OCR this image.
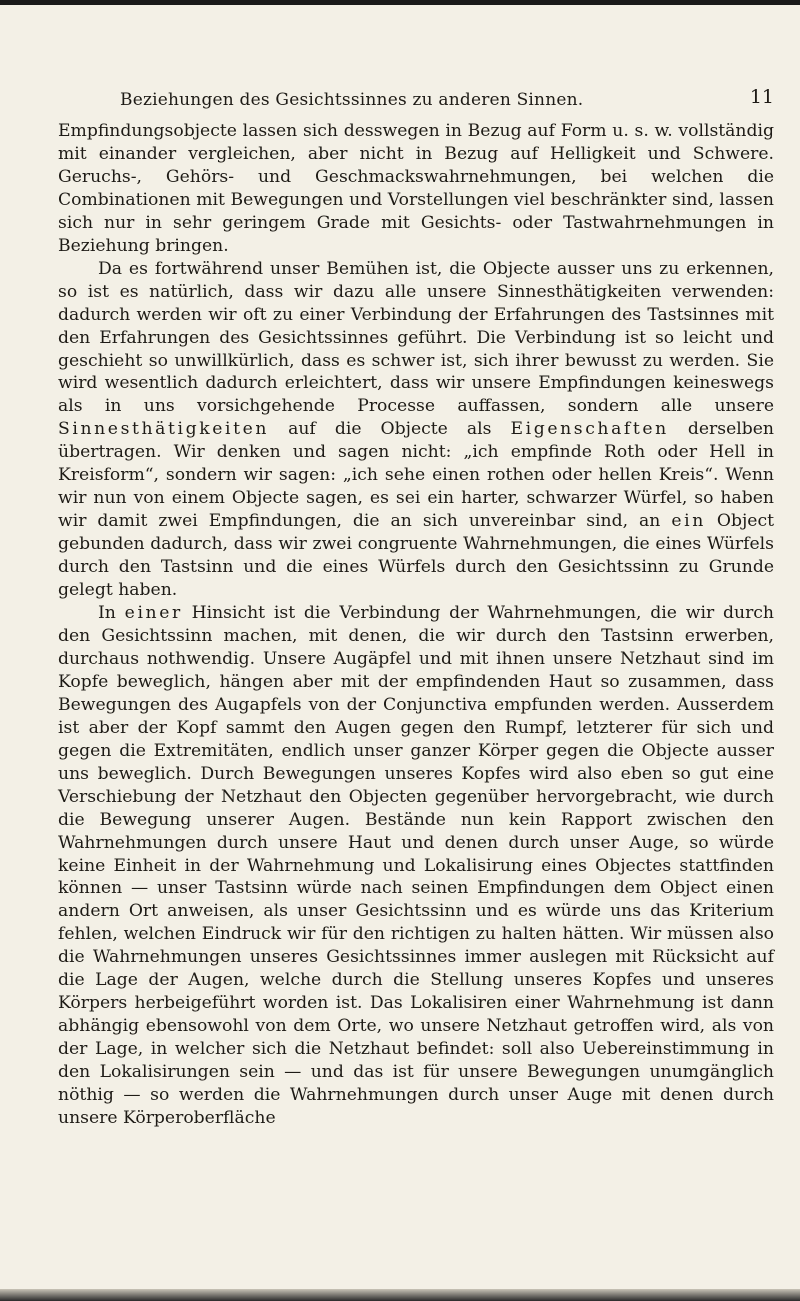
Beziehungen des Gesichtssinnes zu anderen Sinnen.	11

Empfindungsobjecte lassen sich desswegen in Bezug auf Form u. s. w. vollständig mit einander vergleichen, aber nicht in Bezug auf Helligkeit und Schwere. Geruchs-, Gehörs- und Geschmackswahrnehmungen, bei welchen die Combinationen mit Bewegungen und Vorstellungen viel beschränkter sind, lassen sich nur in sehr geringem Grade mit Gesichts- oder Tastwahrnehmungen in Beziehung bringen.

Da es fortwährend unser Bemühen ist, die Objecte ausser uns zu erkennen, so ist es natürlich, dass wir dazu alle unsere Sinnesthätigkeiten verwenden: dadurch werden wir oft zu einer Verbindung der Erfahrungen des Tastsinnes mit den Erfahrungen des Gesichtssinnes geführt. Die Verbindung ist so leicht und geschieht so unwillkürlich, dass es schwer ist, sich ihrer bewusst zu werden. Sie wird wesentlich dadurch erleichtert, dass wir unsere Empfindungen keineswegs als in uns vorsichgehende Processe auffassen, sondern alle unsere Sinnesthätigkeiten auf die Objecte als Eigenschaften derselben übertragen. Wir denken und sagen nicht: „ich empfinde Roth oder Hell in Kreisform“, sondern wir sagen: „ich sehe einen rothen oder hellen Kreis“. Wenn wir nun von einem Objecte sagen, es sei ein harter, schwarzer Würfel, so haben wir damit zwei Empfindungen, die an sich unvereinbar sind, an ein Object gebunden dadurch, dass wir zwei congruente Wahrnehmungen, die eines Würfels durch den Tastsinn und die eines Würfels durch den Gesichtssinn zu Grunde gelegt haben.

In einer Hinsicht ist die Verbindung der Wahrnehmungen, die wir durch den Gesichtssinn machen, mit denen, die wir durch den Tastsinn erwerben, durchaus nothwendig. Unsere Augäpfel und mit ihnen unsere Netzhaut sind im Kopfe beweglich, hängen aber mit der empfindenden Haut so zusammen, dass Bewegungen des Augapfels von der Conjunctiva empfunden werden. Ausserdem ist aber der Kopf sammt den Augen gegen den Rumpf, letzterer für sich und gegen die Extremitäten, endlich unser ganzer Körper gegen die Objecte ausser uns beweglich. Durch Bewegungen unseres Kopfes wird also eben so gut eine Verschiebung der Netzhaut den Objecten gegenüber hervorgebracht, wie durch die Bewegung unserer Augen. Bestände nun kein Rapport zwischen den Wahrnehmungen durch unsere Haut und denen durch unser Auge, so würde keine Einheit in der Wahrnehmung und Lokalisirung eines Objectes stattfinden können — unser Tastsinn würde nach seinen Empfindungen dem Object einen andern Ort anweisen, als unser Gesichtssinn und es würde uns das Kriterium fehlen, welchen Eindruck wir für den richtigen zu halten hätten. Wir müssen also die Wahrnehmungen unseres Gesichtssinnes immer auslegen mit Rücksicht auf die Lage der Augen, welche durch die Stellung unseres Kopfes und unseres Körpers herbeigeführt worden ist. Das Lokalisiren einer Wahrnehmung ist dann abhängig ebensowohl von dem Orte, wo unsere Netzhaut getroffen wird, als von der Lage, in welcher sich die Netzhaut befindet: soll also Uebereinstimmung in den Lokalisirungen sein — und das ist für unsere Bewegungen unumgänglich nöthig — so werden die Wahrnehmungen durch unser Auge mit denen durch unsere Körperoberfläche
